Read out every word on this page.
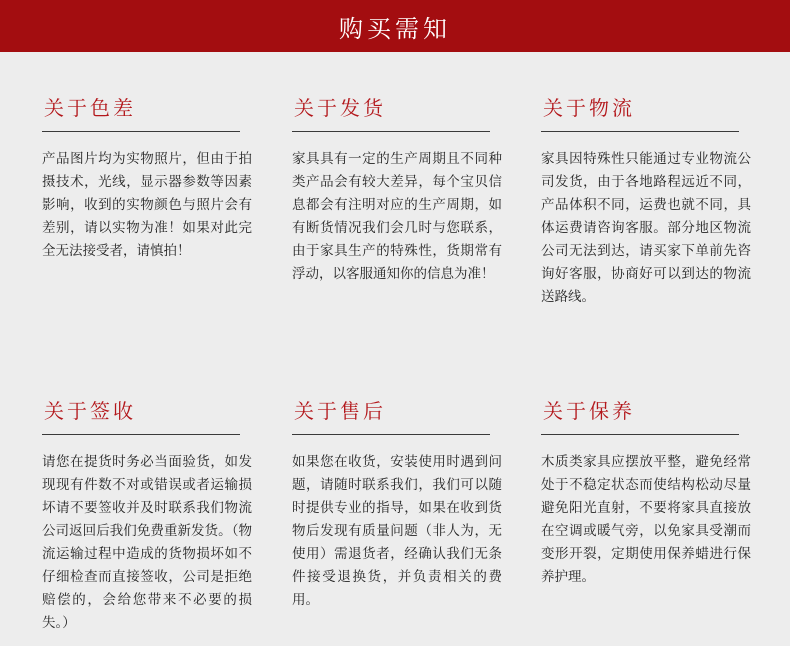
购买需知
关于色差
产品图片均为实物照片，但由于拍摄技术，光线，显示器参数等因素影响，收到的实物颜色与照片会有差别，请以实物为准！如果对此完全无法接受者，请慎拍！
关于发货
家具具有一定的生产周期且不同种类产品会有较大差异，每个宝贝信息都会有注明对应的生产周期，如有断货情况我们会几时与您联系，由于家具生产的特殊性，货期常有浮动，以客服通知你的信息为准！
关于物流
家具因特殊性只能通过专业物流公司发货，由于各地路程远近不同，产品体积不同，运费也就不同，具体运费请咨询客服。部分地区物流公司无法到达，请买家下单前先咨询好客服，协商好可以到达的物流送路线。
关于签收
请您在提货时务必当面验货，如发现现有件数不对或错误或者运输损坏请不要签收并及时联系我们物流公司返回后我们免费重新发货。（物流运输过程中造成的货物损坏如不仔细检查而直接签收，公司是拒绝赔偿的，会给您带来不必要的损失。）
关于售后
如果您在收货，安装使用时遇到问题，请随时联系我们，我们可以随时提供专业的指导，如果在收到货物后发现有质量问题（非人为，无使用）需退货者，经确认我们无条件接受退换货，并负责相关的费用。
关于保养
木质类家具应摆放平整，避免经常处于不稳定状态而使结构松动尽量避免阳光直射，不要将家具直接放在空调或暖气旁，以免家具受潮而变形开裂，定期使用保养蜡进行保养护理。
